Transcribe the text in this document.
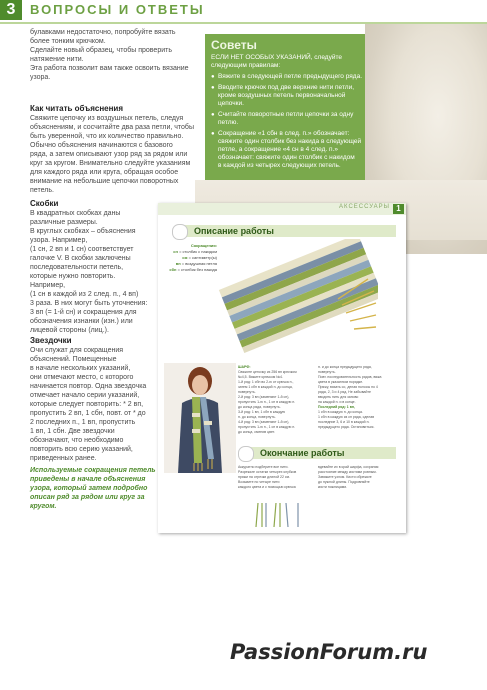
3	ВОПРОСЫ И ОТВЕТЫ
булавками недостаточно, попробуйте вязать
более тонким крючком.
Сделайте новый образец, чтобы проверить
натяжение нити.
Эта работа позволит вам также освоить вязание
узора.
Как читать объяснения
Свяжите цепочку из воздушных петель, следуя
объяснениям, и сосчитайте два раза петли, чтобы
быть уверенной, что их количество правильно.
Обычно объяснения начинаются с базового
ряда, а затем описывают узор ряд за рядом или
круг за кругом. Внимательно следуйте указаниям
для каждого ряда или круга, обращая особое
внимание на небольшие цепочки поворотных
петель.
Скобки
В квадратных скобках даны
различные размеры.
В круглых скобках – объяснения
узора. Например,
(1 сн, 2 вп и 1 сн) соответствует
галочке V. В скобки заключены
последовательности петель,
которые нужно повторить.
Например,
(1 сн в каждой из 2 след. п., 4 вп)
3 раза. В них могут быть уточнения:
3 вп (= 1-й сн) и сокращения для
обозначения изнанки (изн.) или
лицевой стороны (лиц.).
Звездочки
Очи служат для сокращения
объяснений. Помещенные
в начале нескольких указаний,
они отмечают место, с которого
начинается повтор. Одна звездочка
отмечает начало серии указаний,
которые следует повторить: * 2 вп,
пропустить 2 вп, 1 сбн, повт. от * до
2 последних п., 1 вп, пропустить
1 вп, 1 сбн. Две звездочки
обозначают, что необходимо
повторить всю серию указаний,
приведенных ранее.
Используемые сокращения петель
приведены в начале объяснения
узора, который затем подробно
описан ряд за рядом или круг за
кругом.
Советы
ЕСЛИ НЕТ ОСОБЫХ УКАЗАНИЙ, следуйте
следующим правилам:
● Вяжите в следующей петле предыдущего ряда.
● Вводите крючок под две верхние нити петли,
кроме воздушных петель первоначальной
цепочки.
● Считайте поворотные петли цепочки за одну
петлю.
● Сокращение «1 сбн в след. п.» обозначает:
свяжите один столбик без накида в следующей
петле, а сокращение «4 сн в 4 след. п.»
обозначает: свяжите один столбик с накидом
в каждой из четырех следующих петель.
АКСЕССУАРЫ 1
Описание работы
Сокращения:
сн = столбик с накидом
см = сантиметр(ы)
вп = воздушная петля
сбн = столбик без накида
ШАРФ:
Свяжите цепочку из 256 вп крючком
№4,5. Вяжите крючком №4.
1-й ряд: 1 сбн во 2-ю от крючка п.,
затем 1 сбн в каждой п. до конца,
повернуть.
2-й ряд: 3 вп (заменяют 1-й сн),
пропустить 1-ю п., 1 сн в каждую п.
до конца ряда, повернуть.
3-й ряд: 1 вп, 1 сбн в каждую
п. до конца, повернуть.
4-й ряд: 3 вп (заменяют 1-й сн),
пропустить 1-ю п., 1 сн в каждую п.
до конца, сменив цвет.
п. и до конца предыдущего ряда,
повернуть.
Повт. последовательность рядов, вяжа
цвета в указанном порядке.
Пряжу, вязать со, делая полосы по 4
ряда, 2, 3 и 4 ряд. Не забывайте
вводить нить для заново
на каждой п. и в конце.
Последний ряд: 1 вп,
1 сбн в каждую п. до конца.
1 сбн в каждую из сн ряда, сделав
последние 3, 6 и 10 в каждой п.
предыдущего ряда. Остановиться.
Окончание работы
Аккуратно подберите все нити.
Разрежьте остатки четырех клубков
пряжи на отрезки длиной 22 см.
Возьмите по четыре нити
каждого цвета и с помощью крючка
вдевайте их в край шарфа, сохраняя
расстояние между кистями ровным.
Завяжите узлом. Кисти обрежьте
до нужной длины. Подровняйте
кисти ножницами.
PassionForum.ru
